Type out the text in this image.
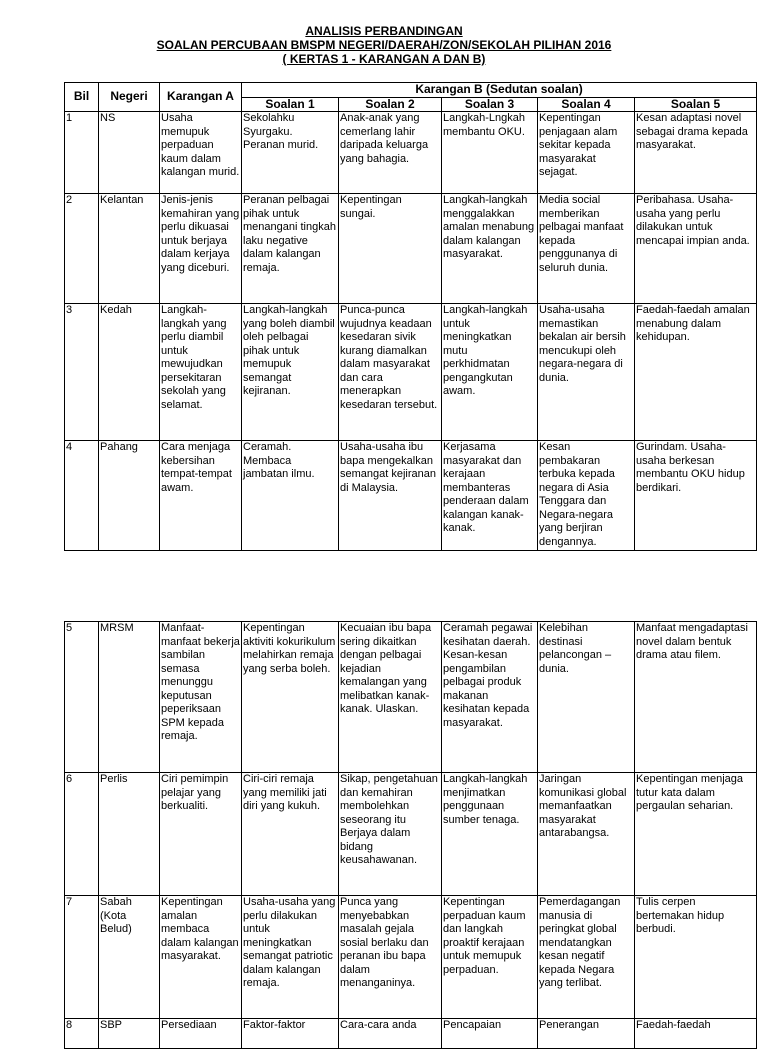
ANALISIS PERBANDINGAN
SOALAN PERCUBAAN BMSPM NEGERI/DAERAH/ZON/SEKOLAH PILIHAN 2016
( KERTAS 1 - KARANGAN A DAN B)
Bil	Negeri	Karangan A	Karangan B (Sedutan soalan)				
			Soalan 1	Soalan 2	Soalan 3	Soalan 4	Soalan 5
1	NS	Usaha memupuk perpaduan kaum dalam kalangan murid.	Sekolahku Syurgaku. Peranan murid.	Anak-anak yang cemerlang lahir daripada keluarga yang bahagia.	Langkah-Lngkah membantu OKU.	Kepentingan penjagaan alam sekitar kepada masyarakat sejagat.	Kesan adaptasi novel sebagai drama kepada masyarakat.
2	Kelantan	Jenis-jenis kemahiran yang perlu dikuasai untuk berjaya dalam kerjaya yang diceburi.	Peranan pelbagai pihak untuk menangani tingkah laku negative dalam kalangan remaja.	Kepentingan sungai.	Langkah-langkah menggalakkan amalan menabung dalam kalangan masyarakat.	Media social memberikan pelbagai manfaat kepada penggunanya di seluruh dunia.	Peribahasa. Usaha-usaha yang perlu dilakukan untuk mencapai impian anda.
3	Kedah	Langkah-langkah yang perlu diambil untuk mewujudkan persekitaran sekolah yang selamat.	Langkah-langkah yang boleh diambil oleh pelbagai pihak untuk memupuk semangat kejiranan.	Punca-punca wujudnya keadaan kesedaran sivik kurang diamalkan dalam masyarakat dan cara menerapkan kesedaran tersebut.	Langkah-langkah untuk meningkatkan mutu perkhidmatan pengangkutan awam.	Usaha-usaha memastikan bekalan air bersih mencukupi oleh negara-negara di dunia.	Faedah-faedah amalan menabung dalam kehidupan.
4	Pahang	Cara menjaga kebersihan tempat-tempat awam.	Ceramah. Membaca jambatan ilmu.	Usaha-usaha ibu bapa mengekalkan semangat kejiranan di Malaysia.	Kerjasama masyarakat dan kerajaan membanteras penderaan dalam kalangan kanak-kanak.	Kesan pembakaran terbuka kepada negara di Asia Tenggara dan Negara-negara yang berjiran dengannya.	Gurindam. Usaha-usaha berkesan membantu OKU hidup berdikari.
5	MRSM	Manfaat-manfaat bekerja sambilan semasa menunggu keputusan peperiksaan SPM kepada remaja.	Kepentingan aktiviti kokurikulum melahirkan remaja yang serba boleh.	Kecuaian ibu bapa sering dikaitkan dengan pelbagai kejadian kemalangan yang melibatkan kanak-kanak. Ulaskan.	Ceramah pegawai kesihatan daerah. Kesan-kesan pengambilan pelbagai produk makanan kesihatan kepada masyarakat.	Kelebihan destinasi pelancongan – dunia.	Manfaat mengadaptasi novel dalam bentuk drama atau filem.
6	Perlis	Ciri pemimpin pelajar yang berkualiti.	Ciri-ciri remaja yang memiliki jati diri yang kukuh.	Sikap, pengetahuan dan kemahiran membolehkan seseorang itu Berjaya dalam bidang keusahawanan.	Langkah-langkah menjimatkan penggunaan sumber tenaga.	Jaringan komunikasi global memanfaatkan masyarakat antarabangsa.	Kepentingan menjaga tutur kata dalam pergaulan seharian.
7	Sabah (Kota Belud)	Kepentingan amalan membaca dalam kalangan masyarakat.	Usaha-usaha yang perlu dilakukan untuk meningkatkan semangat patriotic dalam kalangan remaja.	Punca yang menyebabkan masalah gejala sosial berlaku dan peranan ibu bapa dalam menanganinya.	Kepentingan perpaduan kaum dan langkah proaktif kerajaan untuk memupuk perpaduan.	Pemerdagangan manusia di peringkat global mendatangkan kesan negatif kepada Negara yang terlibat.	Tulis cerpen bertemakan hidup berbudi.
8	SBP	Persediaan	Faktor-faktor	Cara-cara anda	Pencapaian	Penerangan	Faedah-faedah
